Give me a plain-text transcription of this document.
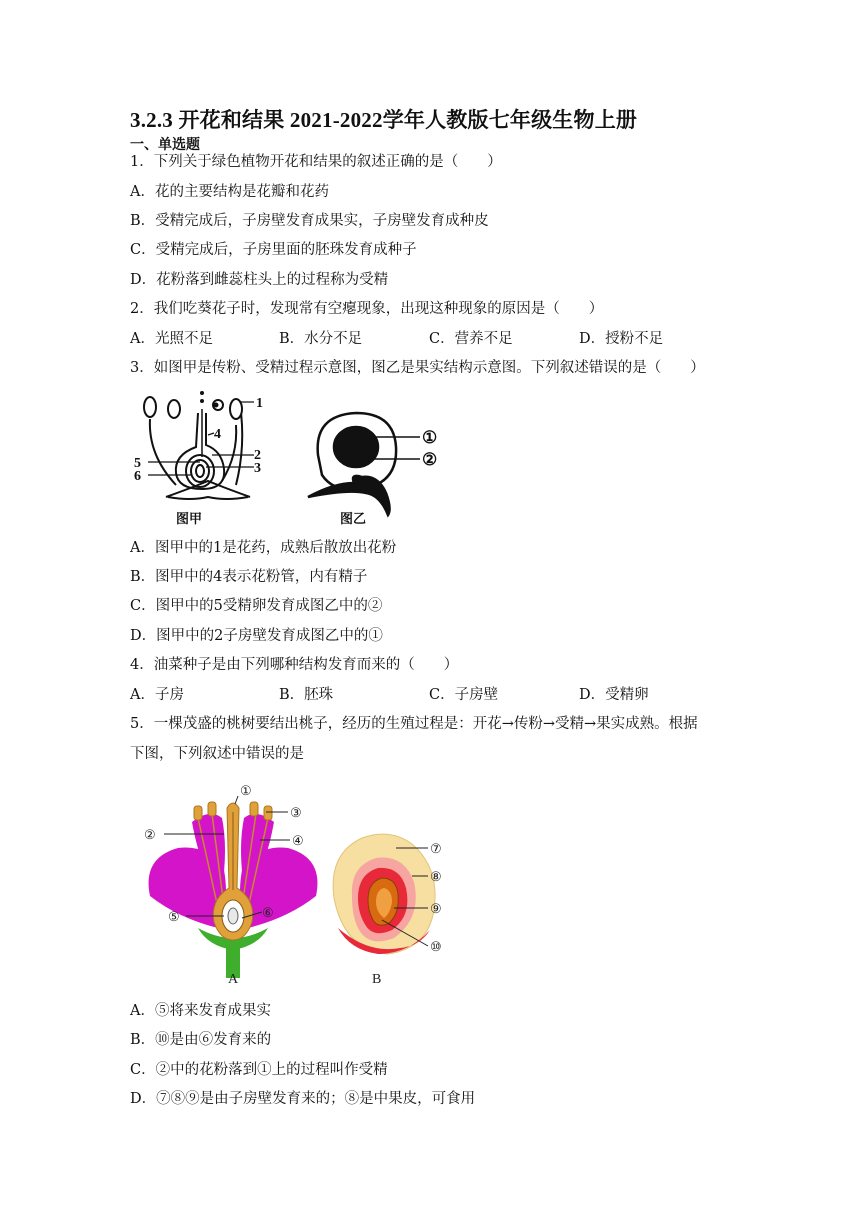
3.2.3 开花和结果 2021-2022学年人教版七年级生物上册
一、单选题
1．下列关于绿色植物开花和结果的叙述正确的是（　　）
A．花的主要结构是花瓣和花药
B．受精完成后，子房壁发育成果实，子房壁发育成种皮
C．受精完成后，子房里面的胚珠发育成种子
D．花粉落到雌蕊柱头上的过程称为受精
2．我们吃葵花子时，发现常有空瘪现象，出现这种现象的原因是（　　）
A．光照不足	B．水分不足	C．营养不足	D．授粉不足
3．如图甲是传粉、受精过程示意图，图乙是果实结构示意图。下列叙述错误的是（　　）
1
4
2
5	3
6
图甲
①
②
图乙
A．图甲中的1是花药，成熟后散放出花粉
B．图甲中的4表示花粉管，内有精子
C．图甲中的5受精卵发育成图乙中的②
D．图甲中的2子房壁发育成图乙中的①
4．油菜种子是由下列哪种结构发育而来的（　　）
A．子房	B．胚珠	C．子房壁	D．受精卵
5．一棵茂盛的桃树要结出桃子，经历的生殖过程是：开花→传粉→受精→果实成熟。根据
下图，下列叙述中错误的是
①
②
③
④
⑤	⑥
A
⑦
⑧
⑨
⑩
B
A．⑤将来发育成果实
B．⑩是由⑥发育来的
C．②中的花粉落到①上的过程叫作受精
D．⑦⑧⑨是由子房壁发育来的；⑧是中果皮，可食用
